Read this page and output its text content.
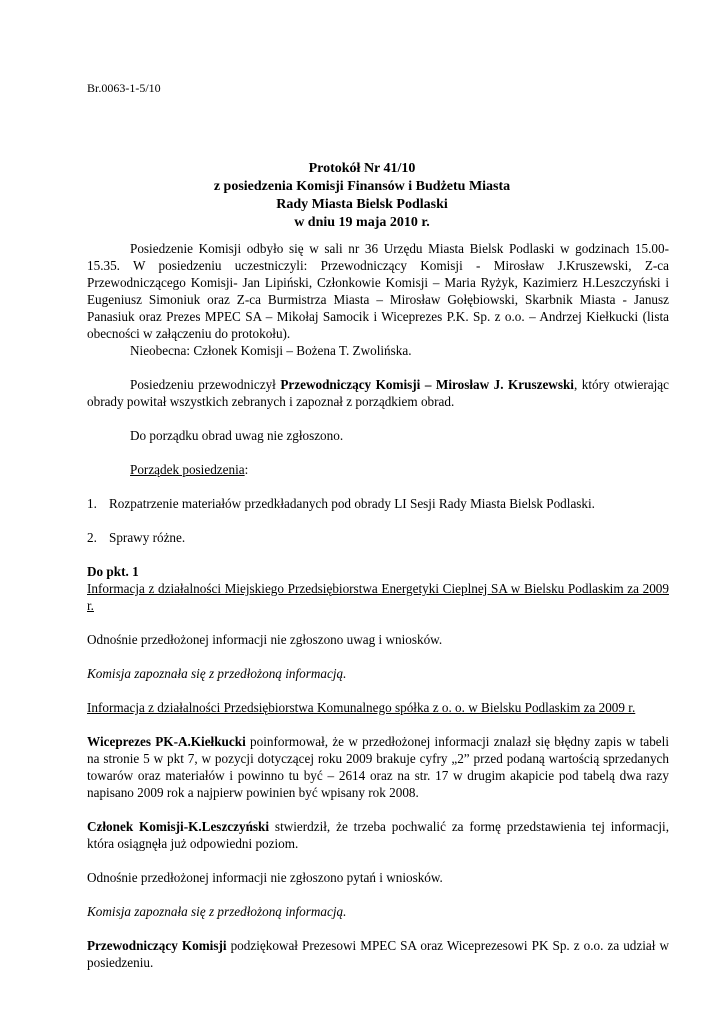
Br.0063-1-5/10
Protokół Nr 41/10
z posiedzenia Komisji Finansów i Budżetu Miasta
Rady Miasta Bielsk Podlaski
w dniu 19 maja 2010 r.

Posiedzenie Komisji odbyło się w sali nr 36 Urzędu Miasta Bielsk Podlaski w godzinach 15.00-15.35. W posiedzeniu uczestniczyli: Przewodniczący Komisji - Mirosław J.Kruszewski, Z-ca Przewodniczącego Komisji- Jan Lipiński, Członkowie Komisji – Maria Ryżyk, Kazimierz H.Leszczyński i Eugeniusz Simoniuk oraz Z-ca Burmistrza Miasta – Mirosław Gołębiowski, Skarbnik Miasta - Janusz Panasiuk oraz Prezes MPEC SA – Mikołaj Samocik i Wiceprezes P.K. Sp. z o.o. – Andrzej Kiełkucki (lista obecności w załączeniu do protokołu).

Nieobecna: Członek Komisji – Bożena T. Zwolińska.

Posiedzeniu przewodniczył Przewodniczący Komisji – Mirosław J. Kruszewski, który otwierając obrady powitał wszystkich zebranych i zapoznał z porządkiem obrad.

Do porządku obrad uwag nie zgłoszono.

Porządek posiedzenia:

1. Rozpatrzenie materiałów przedkładanych pod obrady LI Sesji Rady Miasta Bielsk Podlaski.
2. Sprawy różne.

Do pkt. 1

Informacja z działalności Miejskiego Przedsiębiorstwa Energetyki Cieplnej SA w Bielsku Podlaskim za 2009 r.

Odnośnie przedłożonej informacji nie zgłoszono uwag i wniosków.

Komisja zapoznała się z przedłożoną informacją.

Informacja z działalności Przedsiębiorstwa Komunalnego spółka z o. o. w Bielsku Podlaskim za 2009 r.

Wiceprezes PK-A.Kiełkucki poinformował, że w przedłożonej informacji znalazł się błędny zapis w tabeli na stronie 5 w pkt 7, w pozycji dotyczącej roku 2009 brakuje cyfry „2” przed podaną wartością sprzedanych towarów oraz materiałów i powinno tu być – 2614 oraz na str. 17 w drugim akapicie pod tabelą dwa razy napisano 2009 rok a najpierw powinien być wpisany rok 2008.

Członek Komisji-K.Leszczyński stwierdził, że trzeba pochwalić za formę przedstawienia tej informacji, która osiągnęła już odpowiedni poziom.

Odnośnie przedłożonej informacji nie zgłoszono pytań i wniosków.

Komisja zapoznała się z przedłożoną informacją.

Przewodniczący Komisji podziękował Prezesowi MPEC SA oraz Wiceprezesowi PK Sp. z o.o. za udział w posiedzeniu.
